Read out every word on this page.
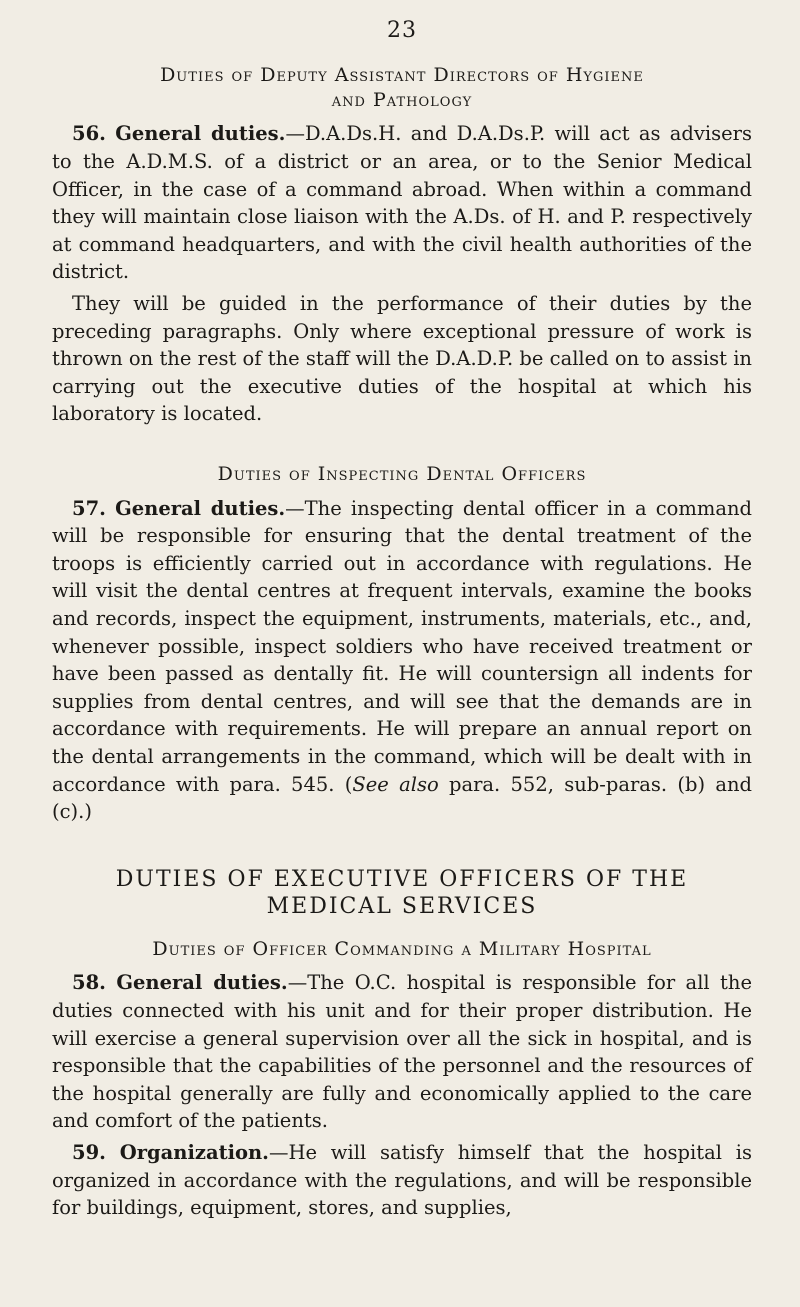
23
Duties of Deputy Assistant Directors of Hygiene
and Pathology

56. General duties.—D.A.Ds.H. and D.A.Ds.P. will act as advisers to the A.D.M.S. of a district or an area, or to the Senior Medical Officer, in the case of a command abroad. When within a command they will maintain close liaison with the A.Ds. of H. and P. respectively at command headquarters, and with the civil health authorities of the district.

They will be guided in the performance of their duties by the preceding paragraphs. Only where exceptional pressure of work is thrown on the rest of the staff will the D.A.D.P. be called on to assist in carrying out the executive duties of the hospital at which his laboratory is located.

Duties of Inspecting Dental Officers

57. General duties.—The inspecting dental officer in a command will be responsible for ensuring that the dental treatment of the troops is efficiently carried out in accordance with regulations. He will visit the dental centres at frequent intervals, examine the books and records, inspect the equipment, instruments, materials, etc., and, whenever possible, inspect soldiers who have received treatment or have been passed as dentally fit. He will countersign all indents for supplies from dental centres, and will see that the demands are in accordance with requirements. He will prepare an annual report on the dental arrangements in the command, which will be dealt with in accordance with para. 545. (See also para. 552, sub-paras. (b) and (c).)

DUTIES OF EXECUTIVE OFFICERS OF THE
MEDICAL SERVICES
Duties of Officer Commanding a Military Hospital

58. General duties.—The O.C. hospital is responsible for all the duties connected with his unit and for their proper distribution. He will exercise a general supervision over all the sick in hospital, and is responsible that the capabilities of the personnel and the resources of the hospital generally are fully and economically applied to the care and comfort of the patients.

59. Organization.—He will satisfy himself that the hospital is organized in accordance with the regulations, and will be responsible for buildings, equipment, stores, and supplies,
